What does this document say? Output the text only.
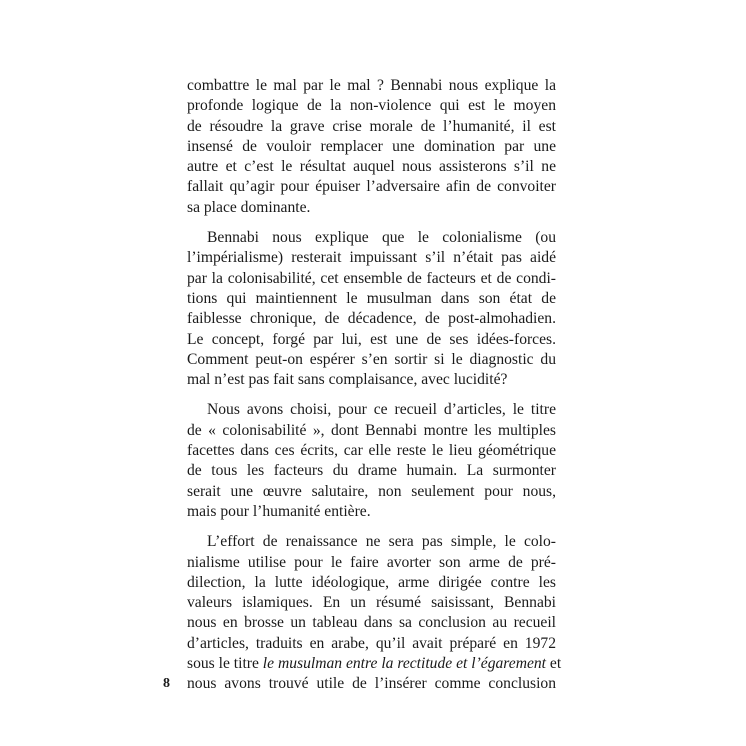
combattre le mal par le mal ? Bennabi nous explique la
profonde logique de la non-violence qui est le moyen
de résoudre la grave crise morale de l’humanité, il est
insensé de vouloir remplacer une domination par une
autre et c’est le résultat auquel nous assisterons s’il ne
fallait qu’agir pour épuiser l’adversaire afin de convoiter
sa place dominante.
Bennabi nous explique que le colonialisme (ou
l’impérialisme) resterait impuissant s’il n’était pas aidé
par la colonisabilité, cet ensemble de facteurs et de condi-
tions qui maintiennent le musulman dans son état de
faiblesse chronique, de décadence, de post-almohadien.
Le concept, forgé par lui, est une de ses idées-forces.
Comment peut-on espérer s’en sortir si le diagnostic du
mal n’est pas fait sans complaisance, avec lucidité?
Nous avons choisi, pour ce recueil d’articles, le titre
de « colonisabilité », dont Bennabi montre les multiples
facettes dans ces écrits, car elle reste le lieu géométrique
de tous les facteurs du drame humain. La surmonter
serait une œuvre salutaire, non seulement pour nous,
mais pour l’humanité entière.
L’effort de renaissance ne sera pas simple, le colo-
nialisme utilise pour le faire avorter son arme de pré-
dilection, la lutte idéologique, arme dirigée contre les
valeurs islamiques. En un résumé saisissant, Bennabi
nous en brosse un tableau dans sa conclusion au recueil
d’articles, traduits en arabe, qu’il avait préparé en 1972
sous le titre le musulman entre la rectitude et l’égarement et
nous avons trouvé utile de l’insérer comme conclusion
8
